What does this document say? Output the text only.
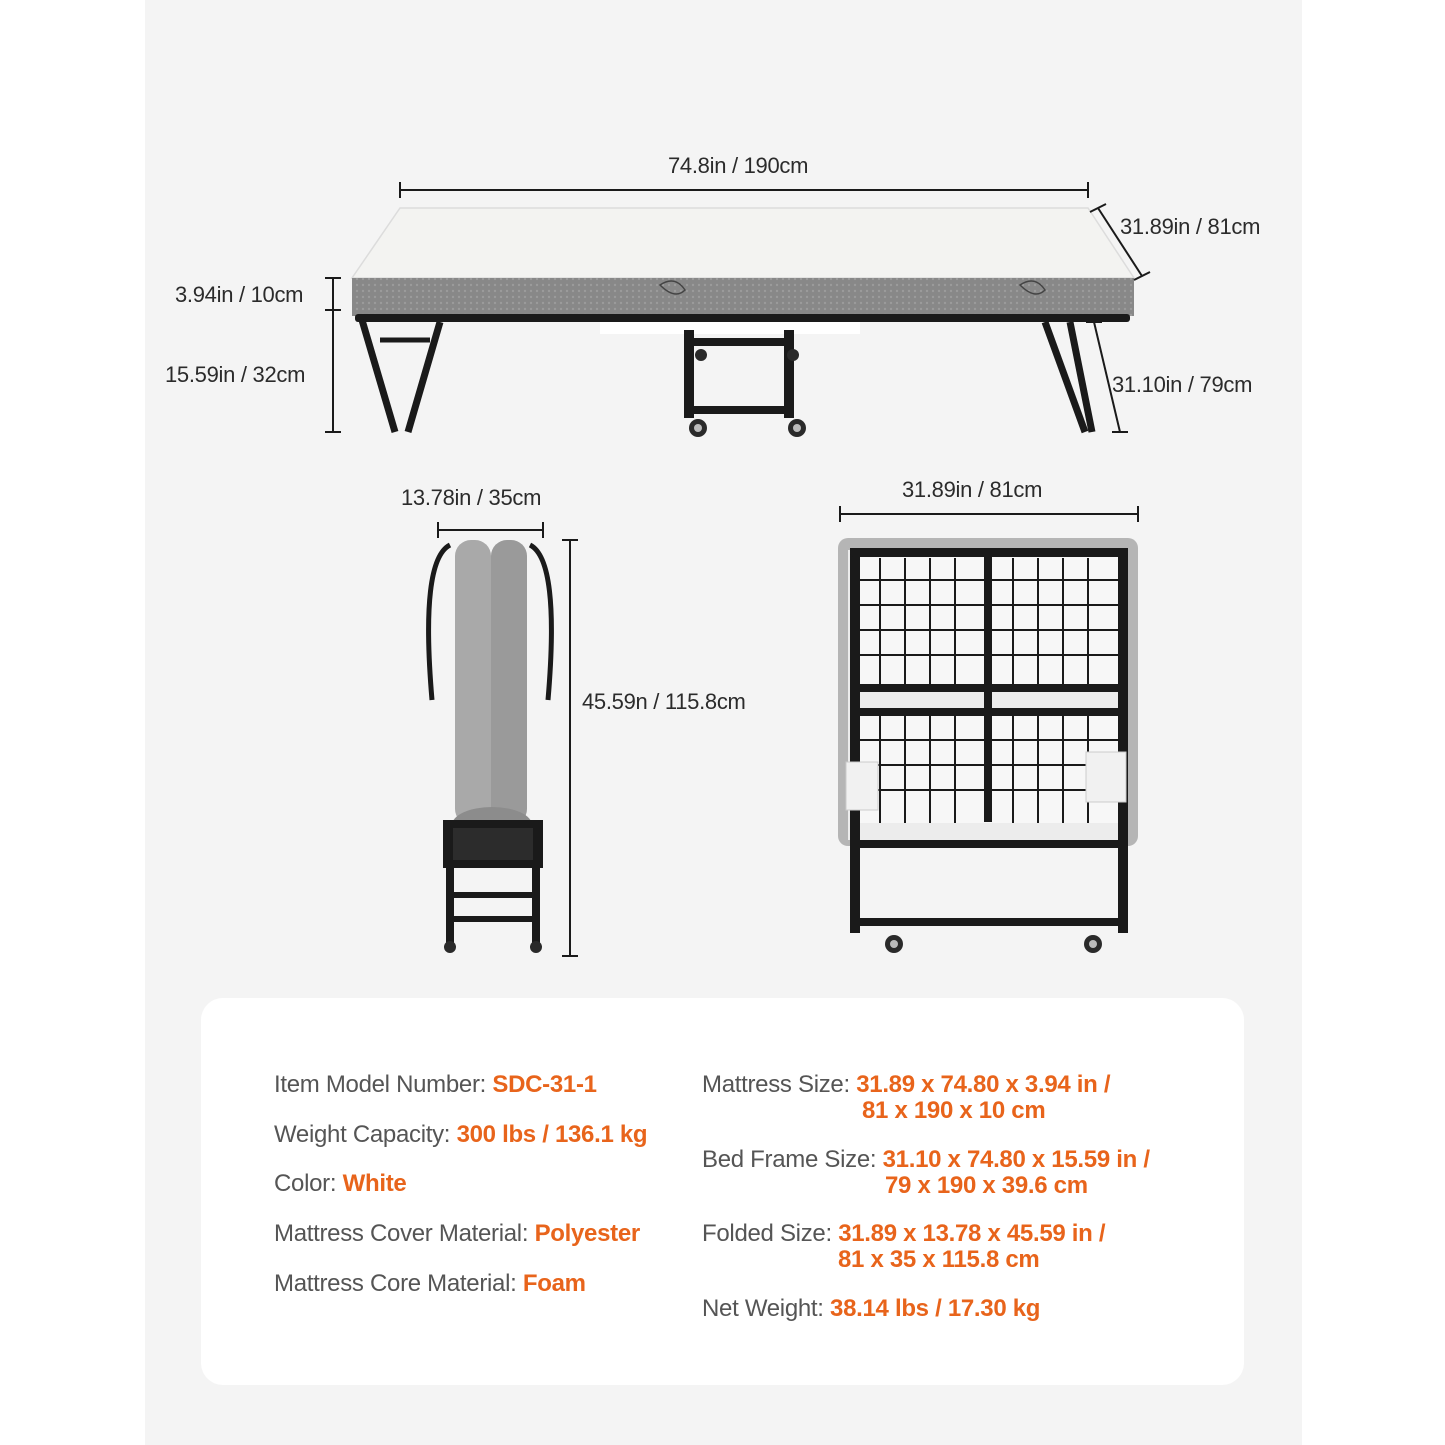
74.8in / 190cm
31.89in / 81cm
3.94in / 10cm
15.59in / 32cm	31.10in / 79cm
13.78in / 35cm
45.59n / 115.8cm
31.89in / 81cm
Item Model Number: SDC-31-1
Weight Capacity: 300 lbs / 136.1 kg
Color: White
Mattress Cover Material: Polyester
Mattress Core Material: Foam
Mattress Size: 31.89 x 74.80 x 3.94 in /
81 x 190 x 10 cm
Bed Frame Size: 31.10 x 74.80 x 15.59 in /
79 x 190 x 39.6 cm
Folded Size: 31.89 x 13.78 x 45.59 in /
81 x 35 x 115.8 cm
Net Weight: 38.14 lbs / 17.30 kg
